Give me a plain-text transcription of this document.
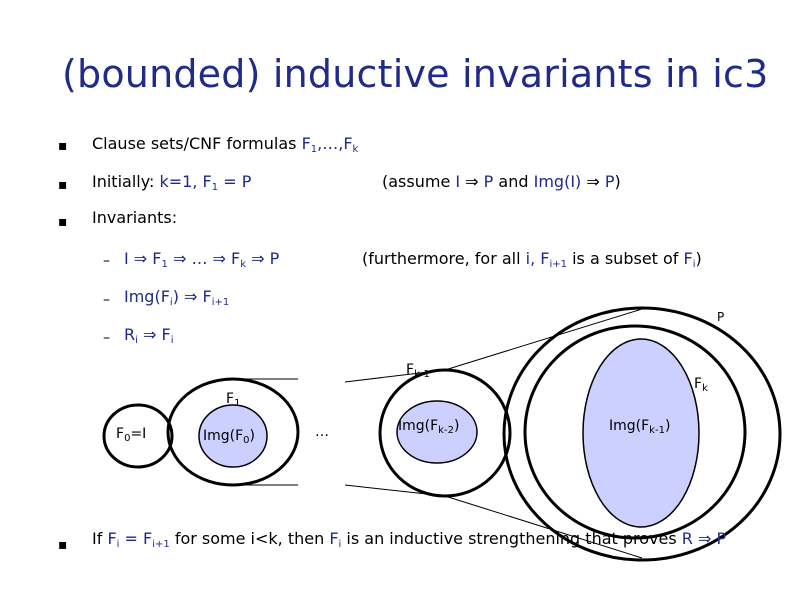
(bounded) inductive invariants in ic3
▪ Clause sets/CNF formulas $F_1,\dots,F_k$
▪ Initially: k=1, $F_1 = P$	(assume I ⇒ P and Img(I) ⇒ P)
▪ Invariants:
– I ⇒ $F_1$ ⇒ … ⇒ $F_k$ ⇒ P	(furthermore, for all i, $F_{i+1}$ is a subset of $F_i$)
– $Img(F_i)$ ⇒ $F_{i+1}$
– $R_i$ ⇒ $F_i$
P
$F_{k-1}$
$F_k$
$F_1$
$F_0=I$	$Img(F_0)$	…	$Img(F_{k-2})$	$Img(F_{k-1})$
▪ If $F_i = F_{i+1}$ for some i<k, then $F_i$ is an inductive strengthening that proves R ⇒ P
